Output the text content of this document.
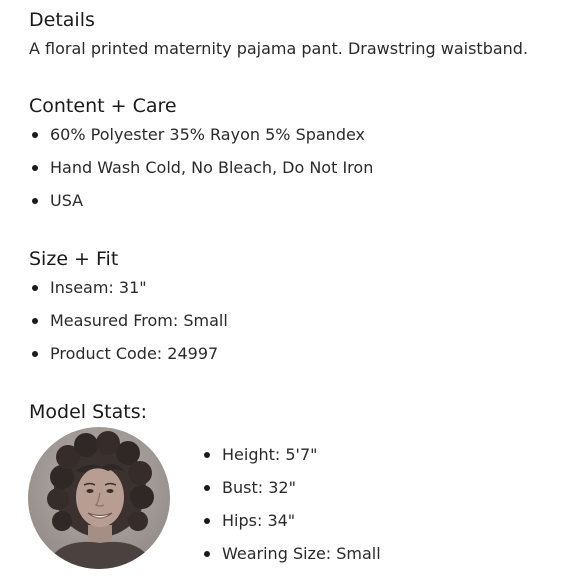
Details

A floral printed maternity pajama pant. Drawstring waistband.

Content + Care
60% Polyester 35% Rayon 5% Spandex
Hand Wash Cold, No Bleach, Do Not Iron
USA
Size + Fit
Inseam: 31"
Measured From: Small
Product Code: 24997
Model Stats:
Height: 5'7"
Bust: 32"
Hips: 34"
Wearing Size: Small
